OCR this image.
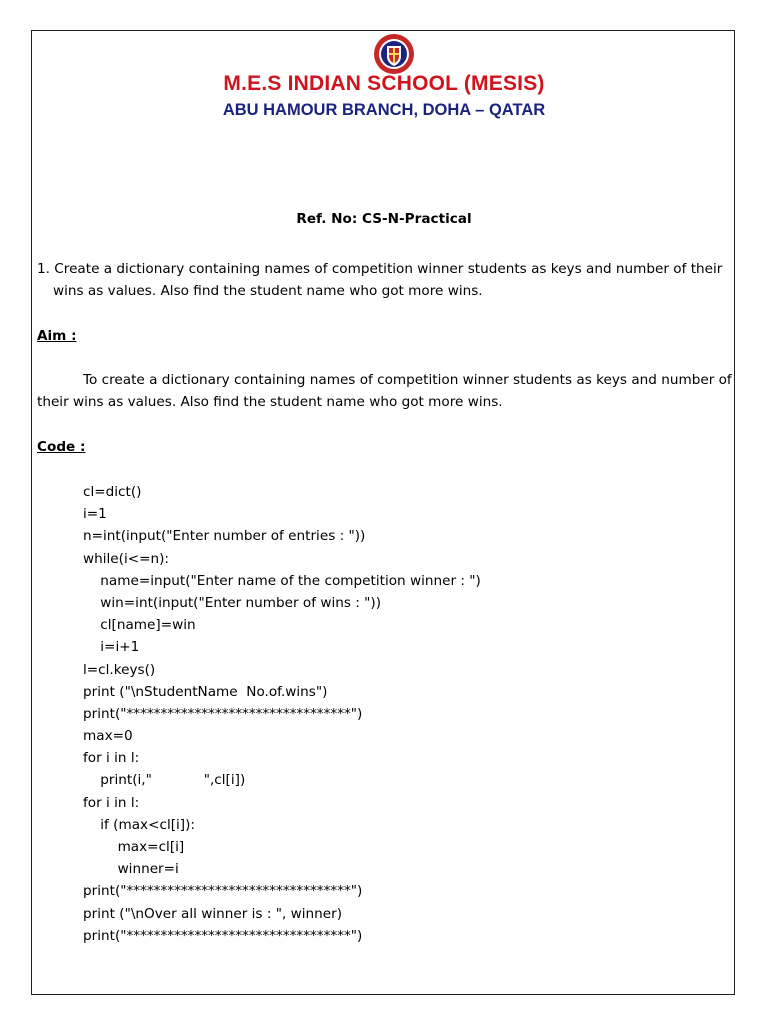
M.E.S INDIAN SCHOOL (MESIS)
ABU HAMOUR BRANCH, DOHA – QATAR
Ref. No: CS-N-Practical
1. Create a dictionary containing names of competition winner students as keys and number of their
wins as values. Also find the student name who got more wins.
Aim :
To create a dictionary containing names of competition winner students as keys and number of
their wins as values. Also find the student name who got more wins.
Code :
cl=dict()
i=1
n=int(input("Enter number of entries : "))
while(i<=n):
name=input("Enter name of the competition winner : ")
win=int(input("Enter number of wins : "))
cl[name]=win
i=i+1
l=cl.keys()
print ("\nStudentName  No.of.wins")
print("*********************************")
max=0
for i in l:
print(i,"            ",cl[i])
for i in l:
if (max<cl[i]):
max=cl[i]
winner=i
print("*********************************")
print ("\nOver all winner is : ", winner)
print("*********************************")
